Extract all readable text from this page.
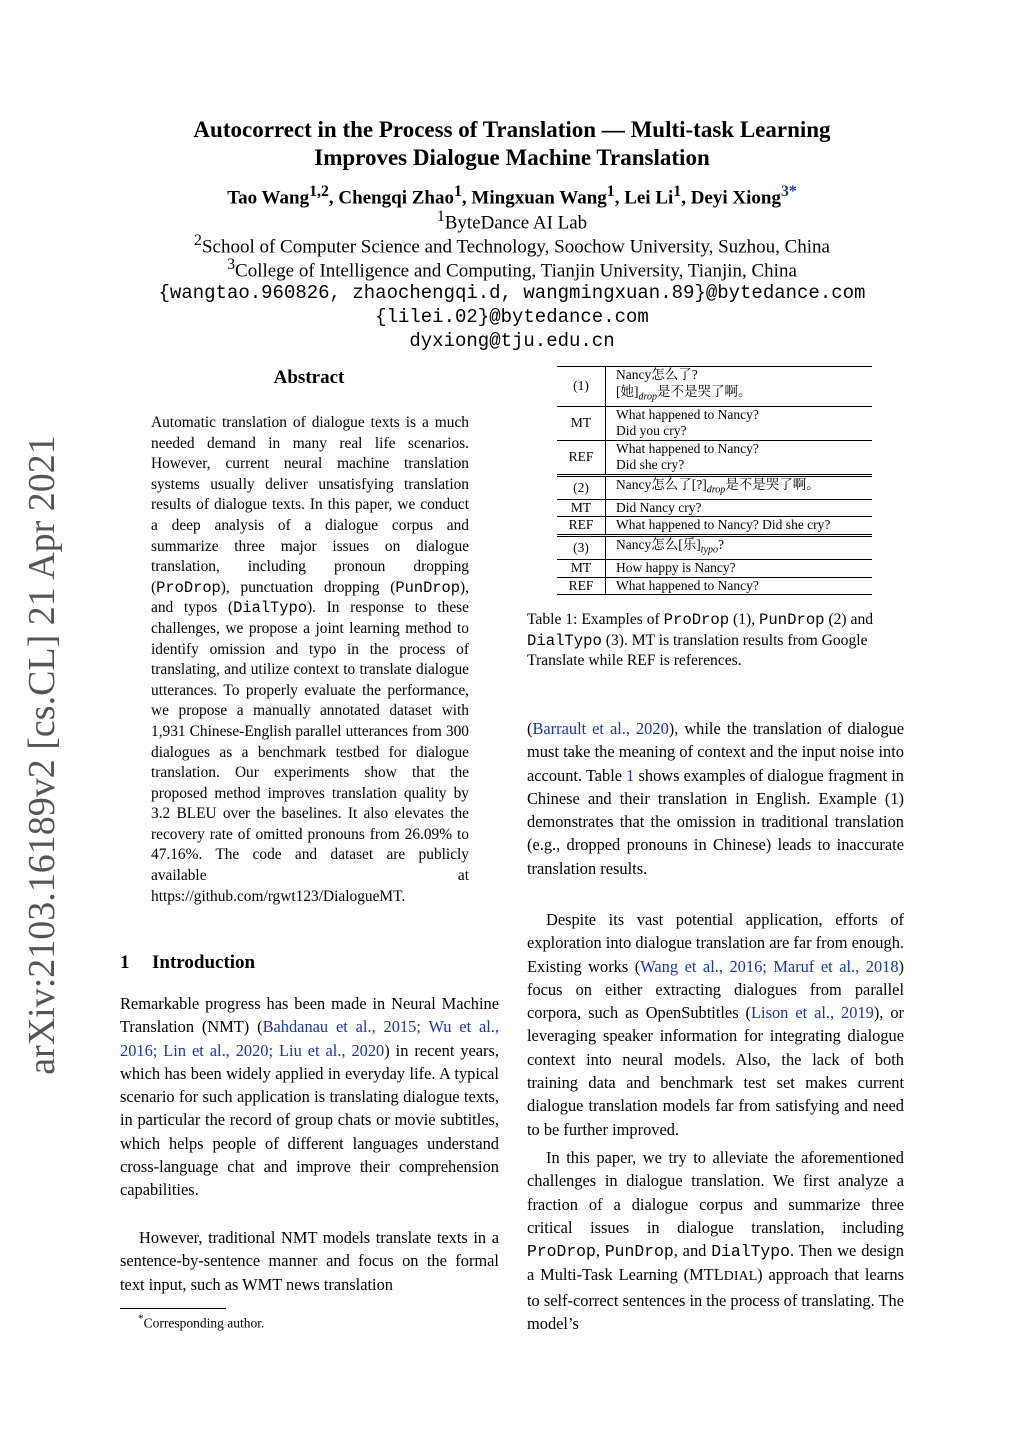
Autocorrect in the Process of Translation — Multi-task Learning
Improves Dialogue Machine Translation
Tao Wang$^{1,2}$, Chengqi Zhao$^1$, Mingxuan Wang$^1$, Lei Li$^1$, Deyi Xiong$^{3*}$
$^1$ByteDance AI Lab
$^2$School of Computer Science and Technology, Soochow University, Suzhou, China
$^3$College of Intelligence and Computing, Tianjin University, Tianjin, China
{wangtao.960826, zhaochengqi.d, wangmingxuan.89}@bytedance.com
{lilei.02}@bytedance.com
dyxiong@tju.edu.cn
arXiv:2103.16189v2 [cs.CL] 21 Apr 2021
Abstract
Automatic translation of dialogue texts is a much needed demand in many real life scenarios. However, current neural machine translation systems usually deliver unsatisfying translation results of dialogue texts. In this paper, we conduct a deep analysis of a dialogue corpus and summarize three major issues on dialogue translation, including pronoun dropping (ProDrop), punctuation dropping (PunDrop), and typos (DialTypo). In response to these challenges, we propose a joint learning method to identify omission and typo in the process of translating, and utilize context to translate dialogue utterances. To properly evaluate the performance, we propose a manually annotated dataset with 1,931 Chinese-English parallel utterances from 300 dialogues as a benchmark testbed for dialogue translation. Our experiments show that the proposed method improves translation quality by 3.2 BLEU over the baselines. It also elevates the recovery rate of omitted pronouns from 26.09% to 47.16%. The code and dataset are publicly available at https://github.com/rgwt123/DialogueMT.
1 Introduction
Remarkable progress has been made in Neural Machine Translation (NMT) (Bahdanau et al., 2015; Wu et al., 2016; Lin et al., 2020; Liu et al., 2020) in recent years, which has been widely applied in everyday life. A typical scenario for such application is translating dialogue texts, in particular the record of group chats or movie subtitles, which helps people of different languages understand cross-language chat and improve their comprehension capabilities.
However, traditional NMT models translate texts in a sentence-by-sentence manner and focus on the formal text input, such as WMT news translation
*Corresponding author.
(1)	Nancy怎么了?
[她]$_{drop}$是不是哭了啊。

MT	What happened to Nancy?
Did you cry?

REF	What happened to Nancy?
Did she cry?

(2)	Nancy怎么了$[?]_{drop}$是不是哭了啊。
MT	Did Nancy cry?
REF	What happened to Nancy? Did she cry?
(3)	Nancy怎么[乐]$_{typo}$?
MT	How happy is Nancy?
REF	What happened to Nancy?
Table 1: Examples of ProDrop (1), PunDrop (2) and DialTypo (3). MT is translation results from Google Translate while REF is references.
(Barrault et al., 2020), while the translation of dialogue must take the meaning of context and the input noise into account. Table 1 shows examples of dialogue fragment in Chinese and their translation in English. Example (1) demonstrates that the omission in traditional translation (e.g., dropped pronouns in Chinese) leads to inaccurate translation results.
Despite its vast potential application, efforts of exploration into dialogue translation are far from enough. Existing works (Wang et al., 2016; Maruf et al., 2018) focus on either extracting dialogues from parallel corpora, such as OpenSubtitles (Lison et al., 2019), or leveraging speaker information for integrating dialogue context into neural models. Also, the lack of both training data and benchmark test set makes current dialogue translation models far from satisfying and need to be further improved.
In this paper, we try to alleviate the aforementioned challenges in dialogue translation. We first analyze a fraction of a dialogue corpus and summarize three critical issues in dialogue translation, including ProDrop, PunDrop, and DialTypo. Then we design a Multi-Task Learning (MTLDIAL) approach that learns to self-correct sentences in the process of translating. The model’s
